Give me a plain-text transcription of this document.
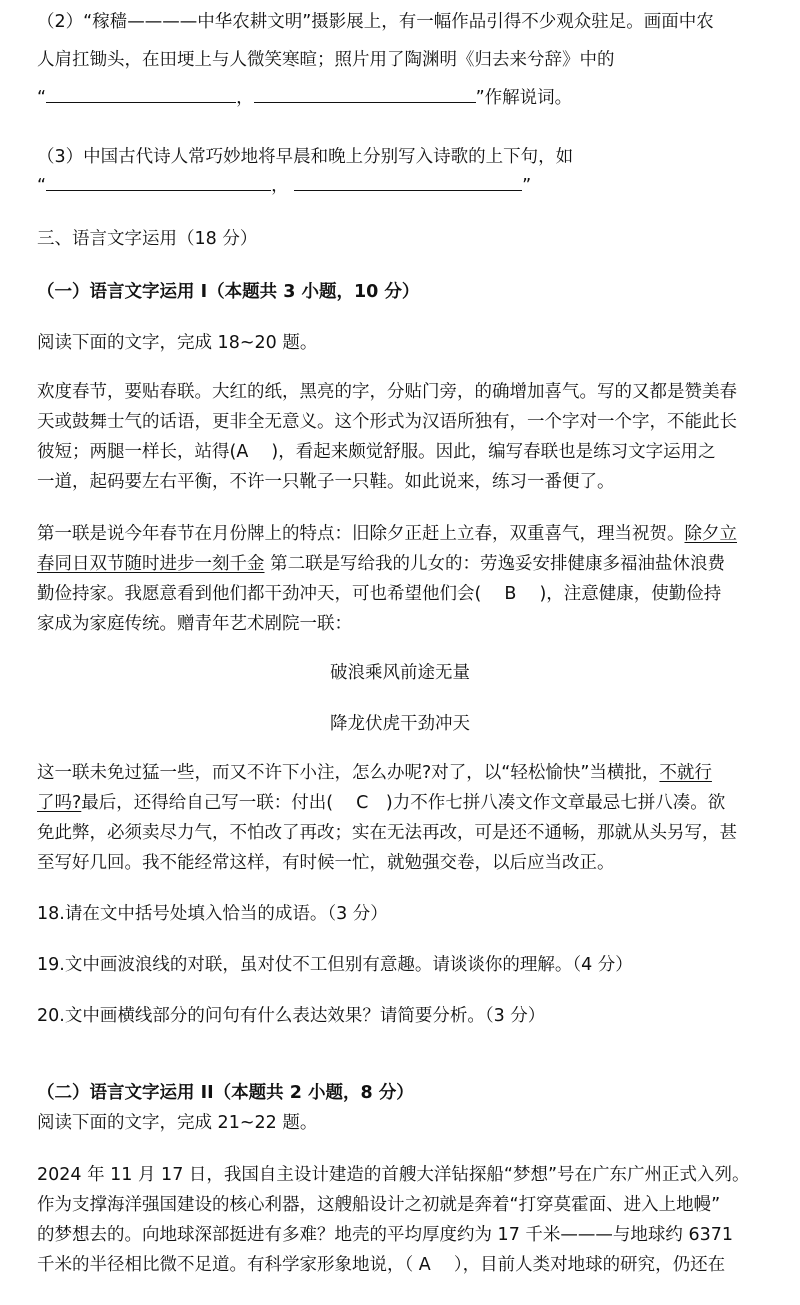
（2）“稼穑————中华农耕文明”摄影展上，有一幅作品引得不少观众驻足。画面中农
人肩扛锄头，在田埂上与人微笑寒暄；照片用了陶渊明《归去来兮辞》中的
“	，	”作解说词。
（3）中国古代诗人常巧妙地将早晨和晚上分别写入诗歌的上下句，如
“	，	”
三、语言文字运用（18 分）
（一）语言文字运用 I（本题共 3 小题，10 分）
阅读下面的文字，完成 18~20 题。
欢度春节，要贴春联。大红的纸，黑亮的字，分贴门旁，的确增加喜气。写的又都是赞美春
天或鼓舞士气的话语，更非全无意义。这个形式为汉语所独有，一个字对一个字，不能此长
彼短；两腿一样长，站得(A　 )，看起来颇觉舒服。因此，编写春联也是练习文字运用之
一道，起码要左右平衡，不许一只靴子一只鞋。如此说来，练习一番便了。
第一联是说今年春节在月份牌上的特点：旧除夕正赶上立春，双重喜气，理当祝贺。除夕立
春同日双节随时进步一刻千金 第二联是写给我的儿女的：劳逸妥安排健康多福油盐休浪费
勤俭持家。我愿意看到他们都干劲冲天，可也希望他们会(　 B　 )，注意健康，使勤俭持
家成为家庭传统。赠青年艺术剧院一联：
破浪乘风前途无量
降龙伏虎干劲冲天
这一联未免过猛一些，而又不许下小注，怎么办呢?对了，以“轻松愉快”当横批，不就行
了吗?最后，还得给自己写一联：付出(　 C　)力不作七拼八凑文作文章最忌七拼八凑。欲
免此弊，必须卖尽力气，不怕改了再改；实在无法再改，可是还不通畅，那就从头另写，甚
至写好几回。我不能经常这样，有时候一忙，就勉强交卷，以后应当改正。
18.请在文中括号处填入恰当的成语。（3 分）
19.文中画波浪线的对联，虽对仗不工但别有意趣。请谈谈你的理解。（4 分）
20.文中画横线部分的问句有什么表达效果？请简要分析。（3 分）
（二）语言文字运用 II（本题共 2 小题，8 分）
阅读下面的文字，完成 21~22 题。
2024 年 11 月 17 日，我国自主设计建造的首艘大洋钻探船“梦想”号在广东广州正式入列。
作为支撑海洋强国建设的核心利器，这艘船设计之初就是奔着“打穿莫霍面、进入上地幔”
的梦想去的。向地球深部挺进有多难？地壳的平均厚度约为 17 千米———与地球约 6371
千米的半径相比微不足道。有科学家形象地说，（ A　 ），目前人类对地球的研究，仍还在
